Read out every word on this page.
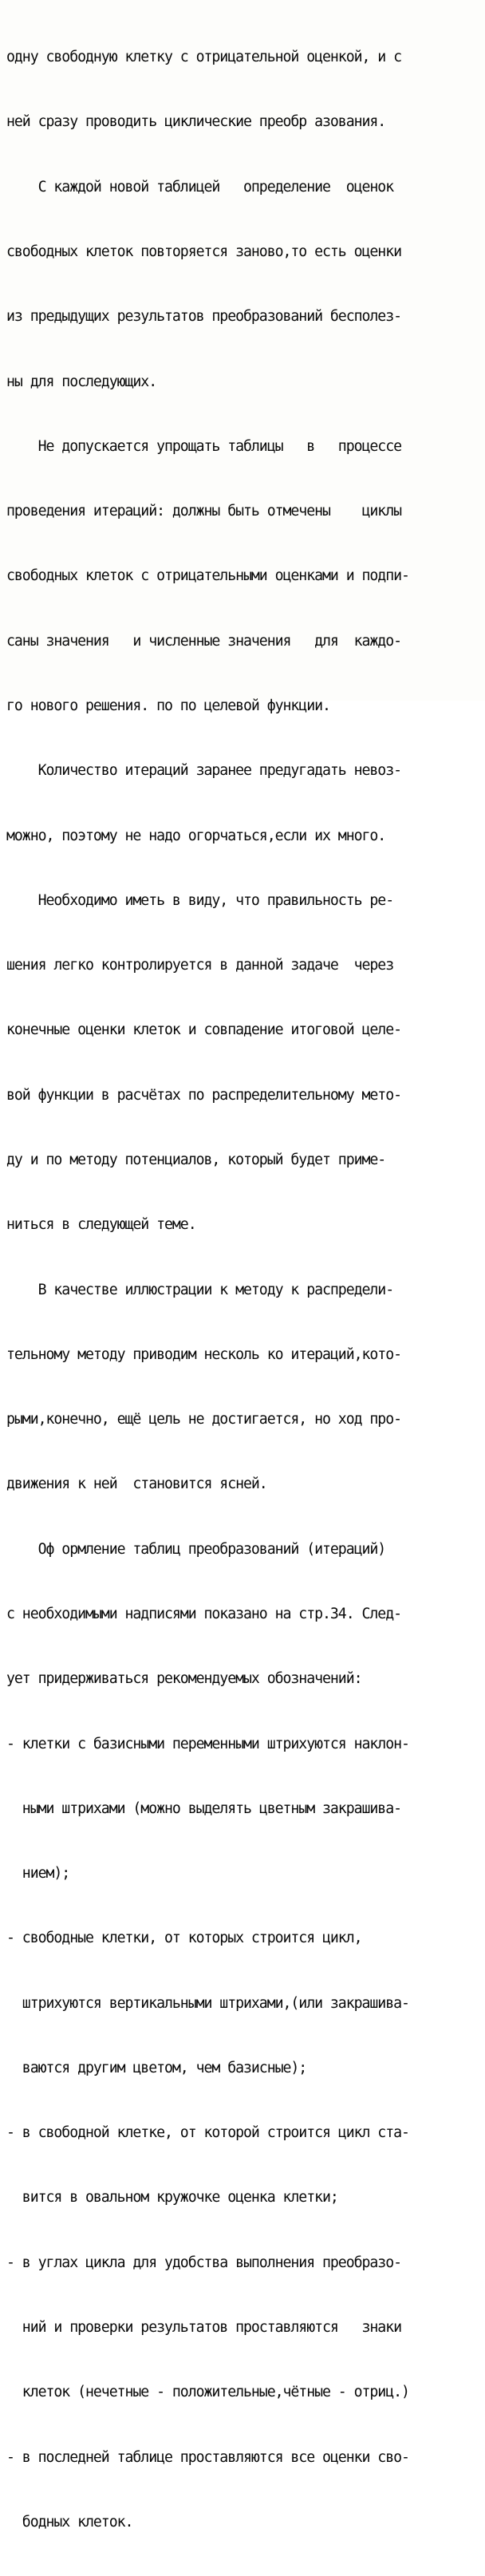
одну свободную клетку с отрицательной оценкой, и с

ней сразу проводить циклические преобр азования.

С каждой новой таблицей   определение  оценок

свободных клеток повторяется заново,то есть оценки

из предыдущих результатов преобразований бесполез-

ны для последующих.

Не допускается упрощать таблицы   в   процессе

проведения итераций: должны быть отмечены    циклы

свободных клеток с отрицательными оценками и подпи-

саны значения   и численные значения   для  каждо-

го нового решения. по по целевой функции.

Количество итераций заранее предугадать невоз-

можно, поэтому не надо огорчаться,если их много.

Необходимо иметь в виду, что правильность ре-

шения легко контролируется в данной задаче  через

конечные оценки клеток и совпадение итоговой целе-

вой функции в расчётах по распределительному мето-

ду и по методу потенциалов, который будет приме-

ниться в следующей теме.

В качестве иллюстрации к методу к распредели-

тельному методу приводим несколь ко итераций,кото-

рыми,конечно, ещё цель не достигается, но ход про-

движения к ней  становится ясней.

Оф ормление таблиц преобразований (итераций)

с необходимыми надписями показано на стр.34. След-

ует придерживаться рекомендуемых обозначений:

- клетки с базисными переменными штрихуются наклон-

ными штрихами (можно выделять цветным закрашива-

нием);

- свободные клетки, от которых строится цикл,

штрихуются вертикальными штрихами,(или закрашива-

ваются другим цветом, чем базисные);

- в свободной клетке, от которой строится цикл ста-

вится в овальном кружочке оценка клетки;

- в углах цикла для удобства выполнения преобразо-

ний и проверки результатов проставляются   знаки

клеток (нечетные - положительные,чётные - отриц.)

- в последней таблице проставляются все оценки сво-

бодных клеток.
